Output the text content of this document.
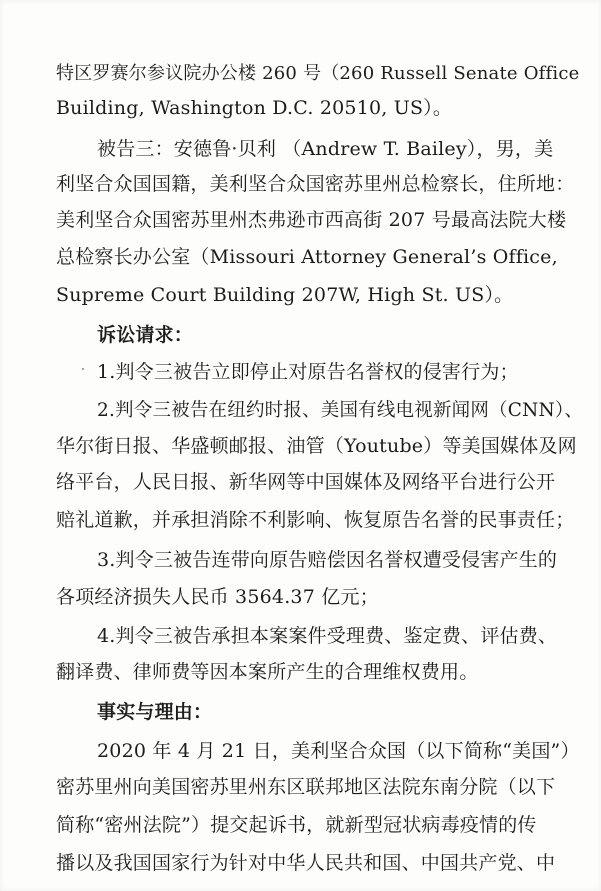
特区罗赛尔参议院办公楼 260 号（260 Russell Senate Office
Building, Washington D.C. 20510, US）。
被告三：安德鲁·贝利 （Andrew T. Bailey），男，美
利坚合众国国籍，美利坚合众国密苏里州总检察长，住所地：
美利坚合众国密苏里州杰弗逊市西高街 207 号最高法院大楼
总检察长办公室（Missouri Attorney General’s Office,
Supreme Court Building 207W, High St. US）。
诉讼请求：
1.判令三被告立即停止对原告名誉权的侵害行为；
2.判令三被告在纽约时报、美国有线电视新闻网（CNN）、
华尔街日报、华盛顿邮报、油管（Youtube）等美国媒体及网
络平台，人民日报、新华网等中国媒体及网络平台进行公开
赔礼道歉，并承担消除不利影响、恢复原告名誉的民事责任；
3.判令三被告连带向原告赔偿因名誉权遭受侵害产生的
各项经济损失人民币 3564.37 亿元；
4.判令三被告承担本案案件受理费、鉴定费、评估费、
翻译费、律师费等因本案所产生的合理维权费用。
事实与理由：
2020 年 4 月 21 日，美利坚合众国（以下简称“美国”）
密苏里州向美国密苏里州东区联邦地区法院东南分院（以下
简称“密州法院”）提交起诉书，就新型冠状病毒疫情的传
播以及我国国家行为针对中华人民共和国、中国共产党、中
